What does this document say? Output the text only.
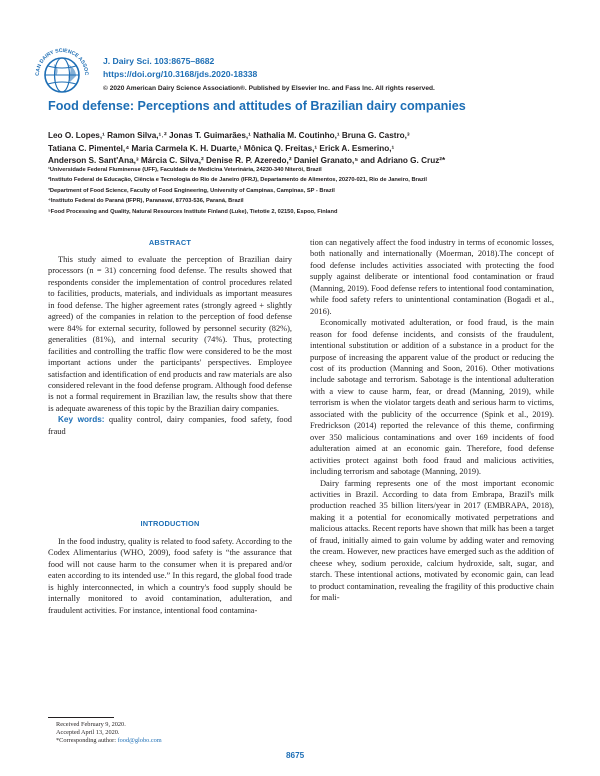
CAN DAIRY SCIENCE ASSOC
J. Dairy Sci. 103:8675–8682
https://doi.org/10.3168/jds.2020-18338
© 2020 American Dairy Science Association®. Published by Elsevier Inc. and Fass Inc. All rights reserved.
Food defense: Perceptions and attitudes of Brazilian dairy companies
Leo O. Lopes,¹ Ramon Silva,¹˒² Jonas T. Guimarães,¹ Nathalia M. Coutinho,¹ Bruna G. Castro,³
Tatiana C. Pimentel,⁴ Maria Carmela K. H. Duarte,¹ Mônica Q. Freitas,¹ Erick A. Esmerino,¹
Anderson S. Sant'Ana,³ Márcia C. Silva,² Denise R. P. Azeredo,² Daniel Granato,⁵ and Adriano G. Cruz²*
¹Universidade Federal Fluminense (UFF), Faculdade de Medicina Veterinária, 24230-340 Niterói, Brazil
²Instituto Federal de Educação, Ciência e Tecnologia do Rio de Janeiro (IFRJ), Departamento de Alimentos, 20270-021, Rio de Janeiro, Brazil
³Department of Food Science, Faculty of Food Engineering, University of Campinas, Campinas, SP - Brazil
⁴Instituto Federal do Paraná (IFPR), Paranavaí, 87703-536, Paraná, Brazil
⁵Food Processing and Quality, Natural Resources Institute Finland (Luke), Tietotie 2, 02150, Espoo, Finland
ABSTRACT

This study aimed to evaluate the perception of Brazilian dairy processors (n = 31) concerning food defense. The results showed that respondents consider the implementation of control procedures related to facilities, products, materials, and individuals as important measures in food defense. The higher agreement rates (strongly agreed + slightly agreed) of the companies in relation to the perception of food defense were 84% for external security, followed by personnel security (82%), generalities (81%), and internal security (74%). Thus, protecting facilities and controlling the traffic flow were considered to be the most important actions under the participants' perspectives. Employee satisfaction and identification of end products and raw materials are also considered relevant in the food defense program. Although food defense is not a formal requirement in Brazilian law, the results show that there is adequate awareness of this topic by the Brazilian dairy companies.

Key words: quality control, dairy companies, food safety, food fraud

INTRODUCTION

In the food industry, quality is related to food safety. According to the Codex Alimentarius (WHO, 2009), food safety is “the assurance that food will not cause harm to the consumer when it is prepared and/or eaten according to its intended use.” In this regard, the global food trade is highly interconnected, in which a country's food supply should be internally monitored to avoid contamination, adulteration, and fraudulent activities. For instance, intentional food contamina-

Received February 9, 2020.
Accepted April 13, 2020.
*Corresponding author: food@globo.com

tion can negatively affect the food industry in terms of economic losses, both nationally and internationally (Moerman, 2018).The concept of food defense includes activities associated with protecting the food supply against deliberate or intentional food contamination or fraud (Manning, 2019). Food defense refers to intentional food contamination, while food safety refers to unintentional contamination (Bogadi et al., 2016).

Economically motivated adulteration, or food fraud, is the main reason for food defense incidents, and consists of the fraudulent, intentional substitution or addition of a substance in a product for the purpose of increasing the apparent value of the product or reducing the cost of its production (Manning and Soon, 2016). Other motivations include sabotage and terrorism. Sabotage is the intentional adulteration with a view to cause harm, fear, or dread (Manning, 2019), while terrorism is when the violator targets death and serious harm to victims, associated with the publicity of the occurrence (Spink et al., 2019). Fredrickson (2014) reported the relevance of this theme, confirming over 350 malicious contaminations and over 169 incidents of food adulteration aimed at an economic gain. Therefore, food defense activities protect against both food fraud and malicious activities, including terrorism and sabotage (Manning, 2019).

Dairy farming represents one of the most important economic activities in Brazil. According to data from Embrapa, Brazil's milk production reached 35 billion liters/year in 2017 (EMBRAPA, 2018), making it a potential for economically motivated perpetrations and malicious attacks. Recent reports have shown that milk has been a target of fraud, initially aimed to gain volume by adding water and removing the cream. However, new practices have emerged such as the addition of cheese whey, sodium peroxide, calcium hydroxide, salt, sugar, and starch. These intentional actions, motivated by economic gain, can lead to product contamination, revealing the fragility of this productive chain for mali-

8675
